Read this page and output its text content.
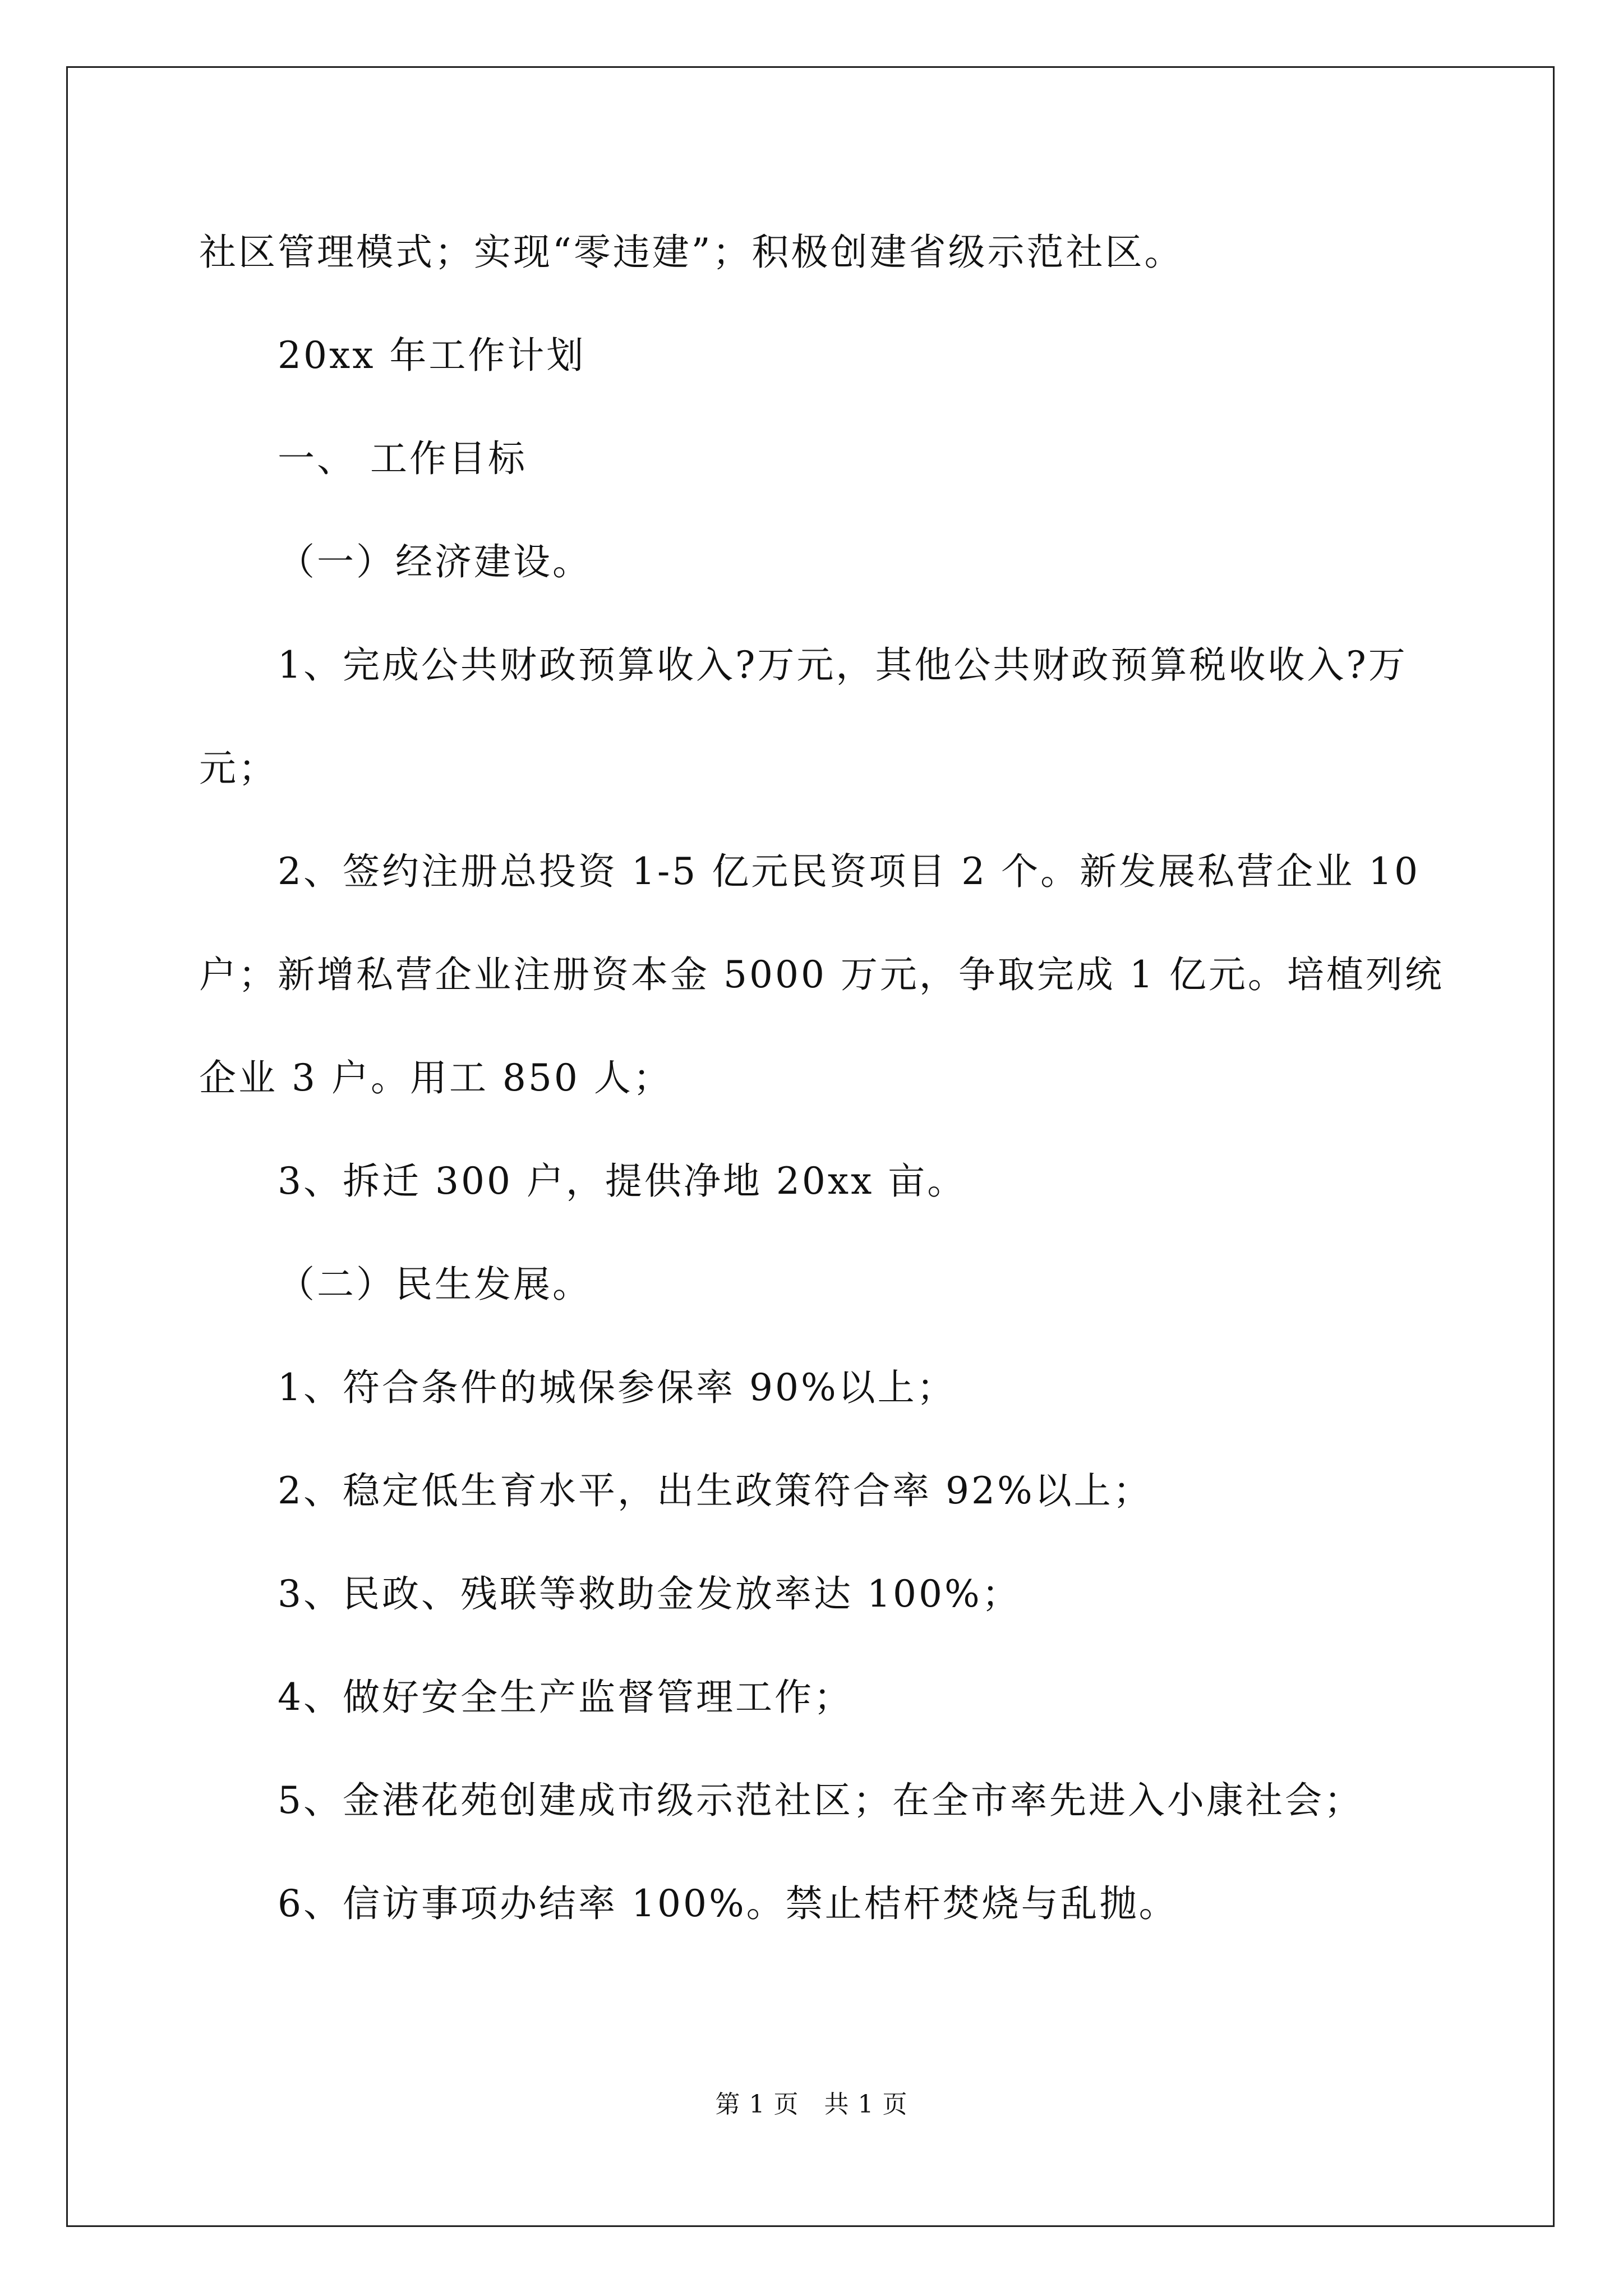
社区管理模式；实现“零违建”；积极创建省级示范社区。
20xx 年工作计划
一、 工作目标
（一）经济建设。
1、完成公共财政预算收入?万元，其他公共财政预算税收收入?万
元；
2、签约注册总投资 1-5 亿元民资项目 2 个。新发展私营企业 10
户；新增私营企业注册资本金 5000 万元，争取完成 1 亿元。培植列统
企业 3 户。用工 850 人；
3、拆迁 300 户，提供净地 20xx 亩。
（二）民生发展。
1、符合条件的城保参保率 90%以上；
2、稳定低生育水平，出生政策符合率 92%以上；
3、民政、残联等救助金发放率达 100%；
4、做好安全生产监督管理工作；
5、金港花苑创建成市级示范社区；在全市率先进入小康社会；
6、信访事项办结率 100%。禁止桔杆焚烧与乱抛。
第 1 页　共 1 页
